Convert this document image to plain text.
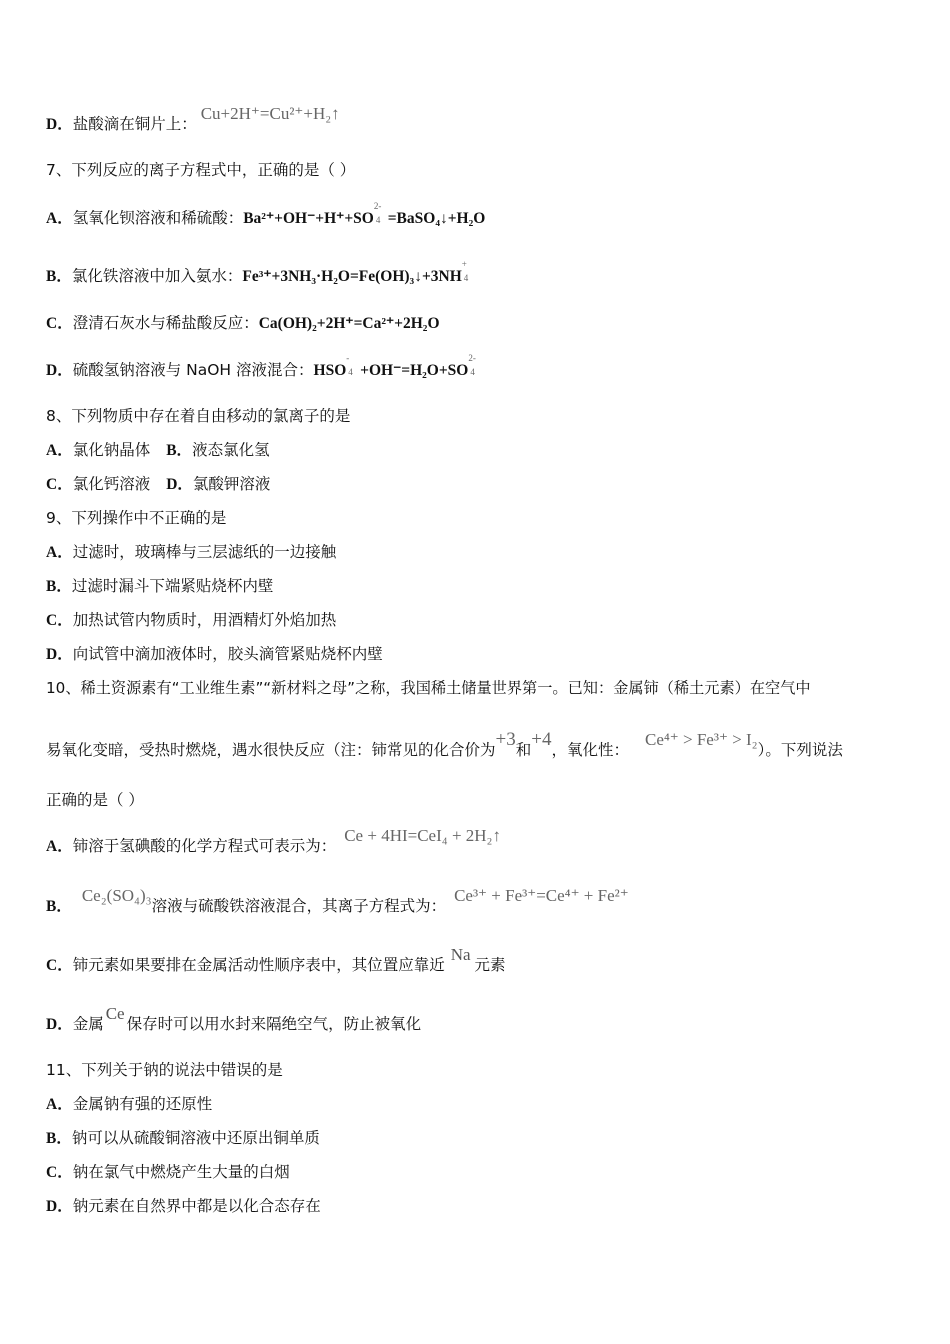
D．盐酸滴在铜片上：Cu+2H⁺=Cu²⁺+H₂↑
7、下列反应的离子方程式中，正确的是（ ）
A．氢氧化钡溶液和稀硫酸：Ba²⁺+OH⁻+H⁺+SO
2-
4 =BaSO₄↓+H₂O
B．氯化铁溶液中加入氨水：Fe³⁺+3NH₃·H₂O=Fe(OH)₃↓+3NH
+
4
C．澄清石灰水与稀盐酸反应：Ca(OH)₂+2H⁺=Ca²⁺+2H₂O
D．硫酸氢钠溶液与 NaOH 溶液混合：HSO
-
4 +OH⁻=H₂O+SO
2-
4
8、下列物质中存在着自由移动的氯离子的是
A．氯化钠晶体 B．液态氯化氢
C．氯化钙溶液 D．氯酸钾溶液
9、下列操作中不正确的是
A．过滤时，玻璃棒与三层滤纸的一边接触
B．过滤时漏斗下端紧贴烧杯内壁
C．加热试管内物质时，用酒精灯外焰加热
D．向试管中滴加液体时，胶头滴管紧贴烧杯内壁
10、稀土资源素有“工业维生素”“新材料之母”之称，我国稀土储量世界第一。已知：金属铈（稀土元素）在空气中
易氧化变暗，受热时燃烧，遇水很快反应（注：铈常见的化合价为+3和+4，氧化性：Ce⁴⁺ > Fe³⁺ > I₂）。下列说法
正确的是（ ）
A．铈溶于氢碘酸的化学方程式可表示为：Ce + 4HI=CeI₄ + 2H₂↑
B．Ce₂(SO₄)₃溶液与硫酸铁溶液混合，其离子方程式为：Ce³⁺ + Fe³⁺=Ce⁴⁺ + Fe²⁺
C．铈元素如果要排在金属活动性顺序表中，其位置应靠近Na元素
D．金属Ce保存时可以用水封来隔绝空气，防止被氧化
11、下列关于钠的说法中错误的是
A．金属钠有强的还原性
B．钠可以从硫酸铜溶液中还原出铜单质
C．钠在氯气中燃烧产生大量的白烟
D．钠元素在自然界中都是以化合态存在
